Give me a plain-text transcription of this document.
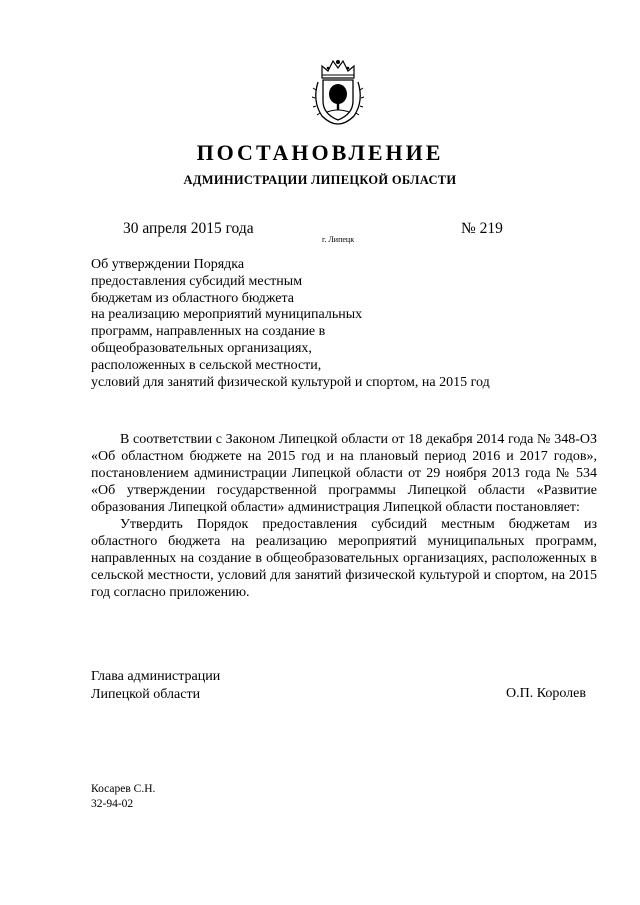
ПОСТАНОВЛЕНИЕ
АДМИНИСТРАЦИИ ЛИПЕЦКОЙ ОБЛАСТИ
30 апреля 2015 года
г. Липецк
№ 219
Об утверждении Порядка
предоставления субсидий местным
бюджетам из областного бюджета
на реализацию мероприятий муниципальных
программ, направленных на создание в
общеобразовательных организациях,
расположенных в сельской местности,
условий для занятий физической культурой и спортом, на 2015 год

В соответствии с Законом Липецкой области от 18 декабря 2014 года № 348-ОЗ «Об областном бюджете на 2015 год и на плановый период 2016 и 2017 годов», постановлением администрации Липецкой области от 29 ноября 2013 года № 534 «Об утверждении государственной программы Липецкой области «Развитие образования Липецкой области» администрация Липецкой области постановляет:

Утвердить Порядок предоставления субсидий местным бюджетам из областного бюджета на реализацию мероприятий муниципальных программ, направленных на создание в общеобразовательных организациях, расположенных в сельской местности, условий для занятий физической культурой и спортом, на 2015 год согласно приложению.

Глава администрации
Липецкой области	О.П. Королев
Косарев С.Н.
32-94-02
